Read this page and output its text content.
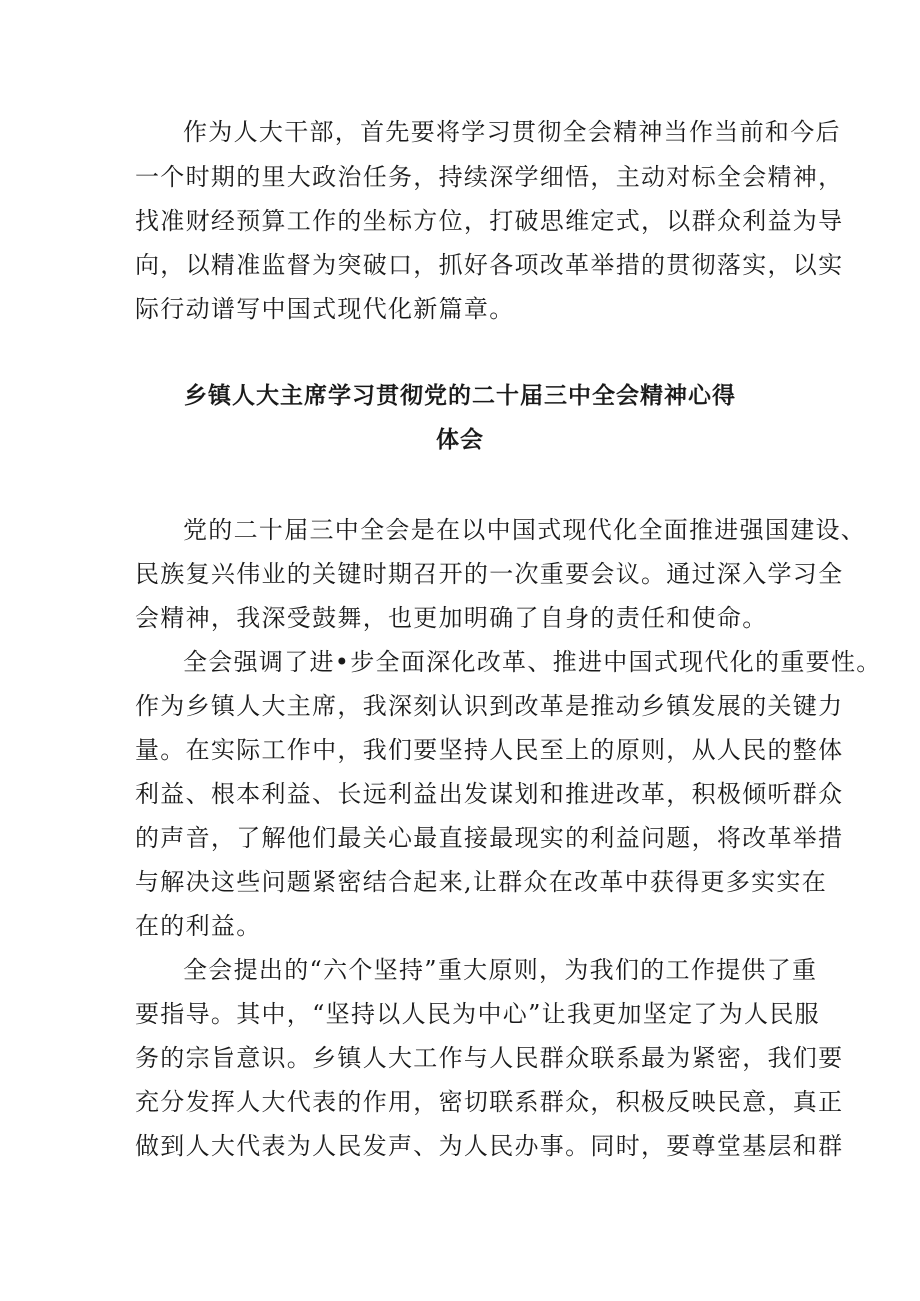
作为人大干部，首先要将学习贯彻全会精神当作当前和今后

一个时期的里大政治任务，持续深学细悟，主动对标全会精神，

找准财经预算工作的坐标方位，打破思维定式，以群众利益为导

向，以精准监督为突破口，抓好各项改革举措的贯彻落实，以实

际行动谱写中国式现代化新篇章。

乡镇人大主席学习贯彻党的二十届三中全会精神心得

体会

党的二十届三中全会是在以中国式现代化全面推进强国建设、

民族复兴伟业的关键时期召开的一次重要会议。通过深入学习全

会精神，我深受鼓舞，也更加明确了自身的责任和使命。

全会强调了进•步全面深化改革、推进中国式现代化的重要性。

作为乡镇人大主席，我深刻认识到改革是推动乡镇发展的关键力

量。在实际工作中，我们要坚持人民至上的原则，从人民的整体

利益、根本利益、长远利益出发谋划和推进改革，积极倾听群众

的声音，了解他们最关心最直接最现实的利益问题，将改革举措

与解决这些问题紧密结合起来,让群众在改革中获得更多实实在

在的利益。

全会提出的“六个坚持”重大原则，为我们的工作提供了重

要指导。其中，“坚持以人民为中心”让我更加坚定了为人民服

务的宗旨意识。乡镇人大工作与人民群众联系最为紧密，我们要

充分发挥人大代表的作用，密切联系群众，积极反映民意，真正

做到人大代表为人民发声、为人民办事。同时，要尊堂基层和群
